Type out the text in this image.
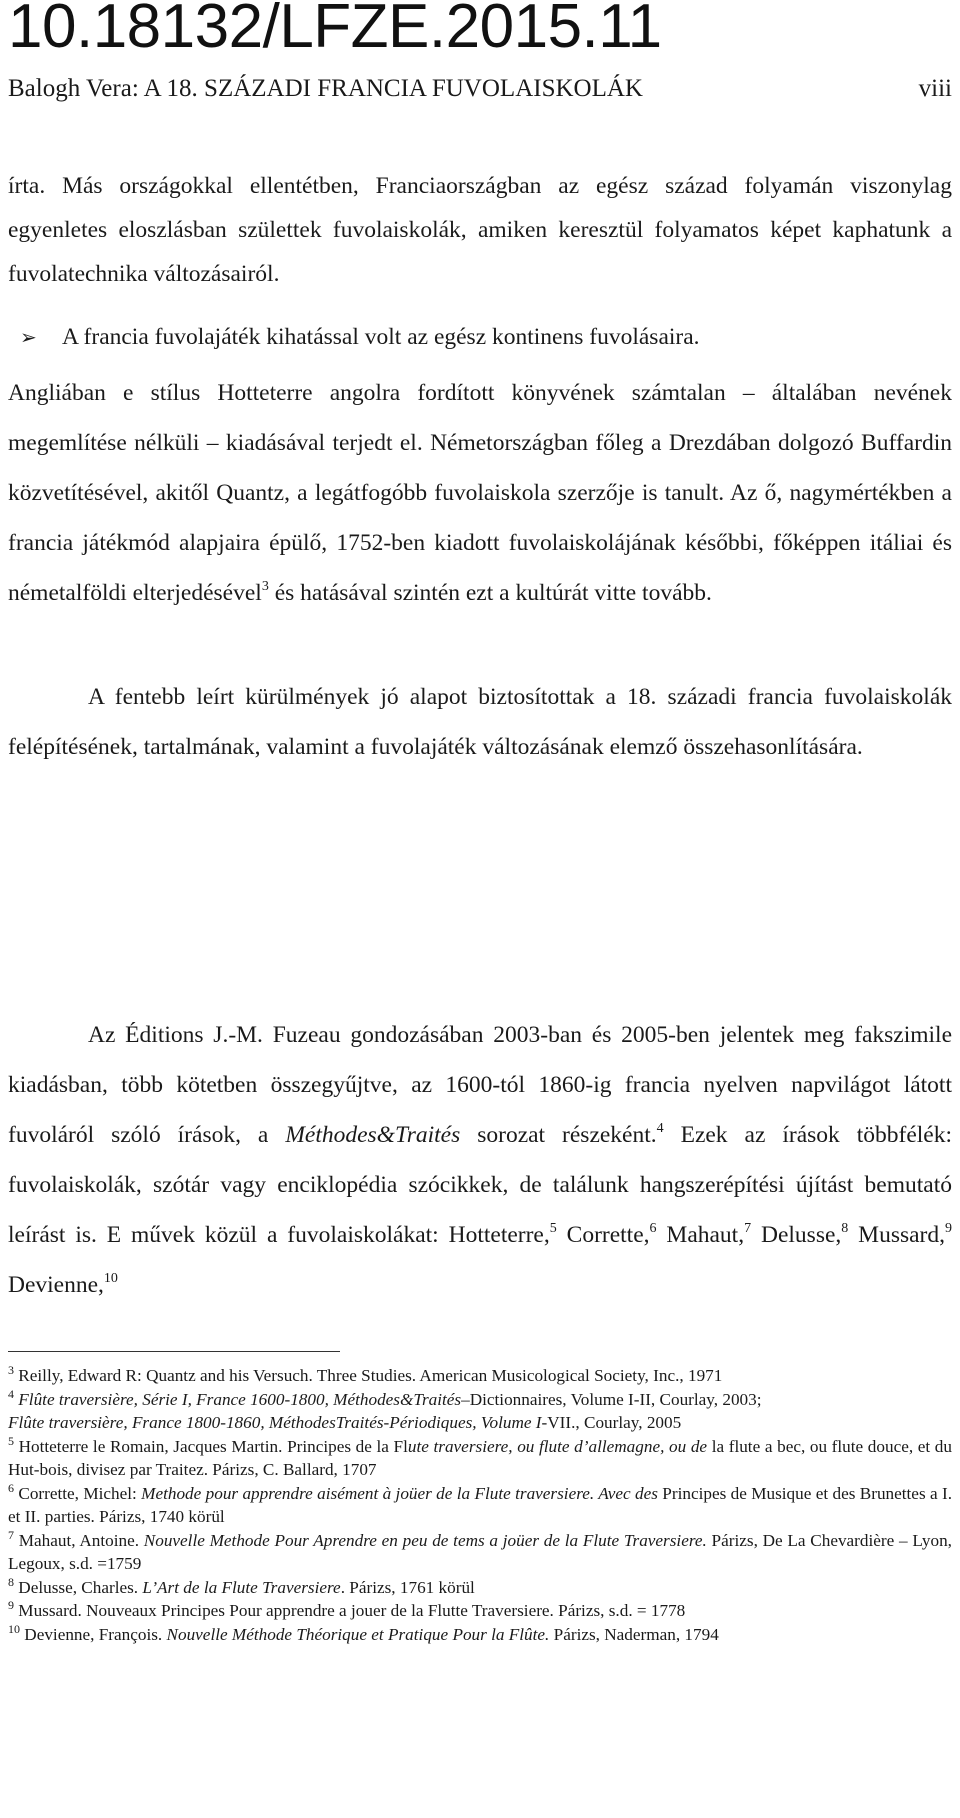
10.18132/LFZE.2015.11
Balogh Vera: A 18. SZÁZADI FRANCIA FUVOLAISKOLÁK	viii

írta. Más országokkal ellentétben, Franciaországban az egész század folyamán viszonylag egyenletes eloszlásban születtek fuvolaiskolák, amiken keresztül folyamatos képet kaphatunk a fuvolatechnika változásairól.

➢ A francia fuvolajáték kihatással volt az egész kontinens fuvolásaira.

Angliában e stílus Hotteterre angolra fordított könyvének számtalan – általában nevének megemlítése nélküli – kiadásával terjedt el. Németországban főleg a Drezdában dolgozó Buffardin közvetítésével, akitől Quantz, a legátfogóbb fuvolaiskola szerzője is tanult. Az ő, nagymértékben a francia játékmód alapjaira épülő, 1752-ben kiadott fuvolaiskolájának későbbi, főképpen itáliai és németalföldi elterjedésével$^3$ és hatásával szintén ezt a kultúrát vitte tovább.

A fentebb leírt kürülmények jó alapot biztosítottak a 18. századi francia fuvolaiskolák felépítésének, tartalmának, valamint a fuvolajáték változásának elemző összehasonlítására.

Az Éditions J.-M. Fuzeau gondozásában 2003-ban és 2005-ben jelentek meg fakszimile kiadásban, több kötetben összegyűjtve, az 1600-tól 1860-ig francia nyelven napvilágot látott fuvoláról szóló írások, a Méthodes&Traités sorozat részeként.$^4$ Ezek az írások többfélék: fuvolaiskolák, szótár vagy enciklopédia szócikkek, de találunk hangszerépítési újítást bemutató leírást is. E művek közül a fuvolaiskolákat: Hotteterre,$^5$ Corrette,$^6$ Mahaut,$^7$ Delusse,$^8$ Mussard,$^9$ Devienne,$^{10}$

$^3$ Reilly, Edward R: Quantz and his Versuch. Three Studies. American Musicological Society, Inc., 1971

$^4$ Flûte traversière, Série I, France 1600-1800, Méthodes&Traités–Dictionnaires, Volume I-II, Courlay, 2003;

Flûte traversière, France 1800-1860, MéthodesTraités-Périodiques, Volume I-VII., Courlay, 2005

$^5$ Hotteterre le Romain, Jacques Martin. Principes de la Flute traversiere, ou flute d’allemagne, ou de la flute a bec, ou flute douce, et du Hut-bois, divisez par Traitez. Párizs, C. Ballard, 1707

$^6$ Corrette, Michel: Methode pour apprendre aisément à joüer de la Flute traversiere. Avec des Principes de Musique et des Brunettes a I. et II. parties. Párizs, 1740 körül

$^7$ Mahaut, Antoine. Nouvelle Methode Pour Aprendre en peu de tems a joüer de la Flute Traversiere. Párizs, De La Chevardière – Lyon, Legoux, s.d. =1759

$^8$ Delusse, Charles. L’Art de la Flute Traversiere. Párizs, 1761 körül

$^9$ Mussard. Nouveaux Principes Pour apprendre a jouer de la Flutte Traversiere. Párizs, s.d. = 1778

$^{10}$ Devienne, François. Nouvelle Méthode Théorique et Pratique Pour la Flûte. Párizs, Naderman, 1794
